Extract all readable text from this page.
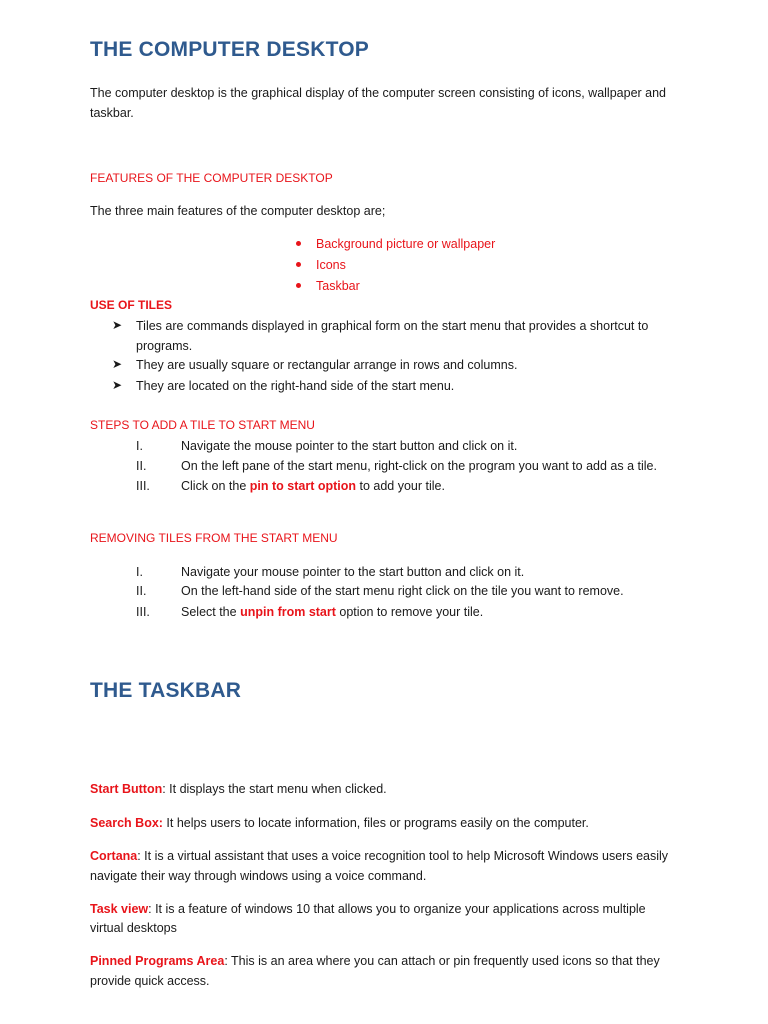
THE COMPUTER DESKTOP
The computer desktop is the graphical display of the computer screen consisting of icons, wallpaper and
taskbar.
FEATURES OF THE COMPUTER DESKTOP
The three main features of the computer desktop are;
Background picture or wallpaper
Icons
Taskbar
USE OF TILES
➤ Tiles are commands displayed in graphical form on the start menu that provides a shortcut to
programs.
➤ They are usually square or rectangular arrange in rows and columns.
➤ They are located on the right-hand side of the start menu.
STEPS TO ADD A TILE TO START MENU
I.	Navigate the mouse pointer to the start button and click on it.
II.	On the left pane of the start menu, right-click on the program you want to add as a tile.
III.	Click on the pin to start option to add your tile.
REMOVING TILES FROM THE START MENU
I.	Navigate your mouse pointer to the start button and click on it.
II.	On the left-hand side of the start menu right click on the tile you want to remove.
III.	Select the unpin from start option to remove your tile.
THE TASKBAR
Start Button: It displays the start menu when clicked.
Search Box: It helps users to locate information, files or programs easily on the computer.
Cortana: It is a virtual assistant that uses a voice recognition tool to help Microsoft Windows users easily
navigate their way through windows using a voice command.
Task view: It is a feature of windows 10 that allows you to organize your applications across multiple
virtual desktops
Pinned Programs Area: This is an area where you can attach or pin frequently used icons so that they
provide quick access.
